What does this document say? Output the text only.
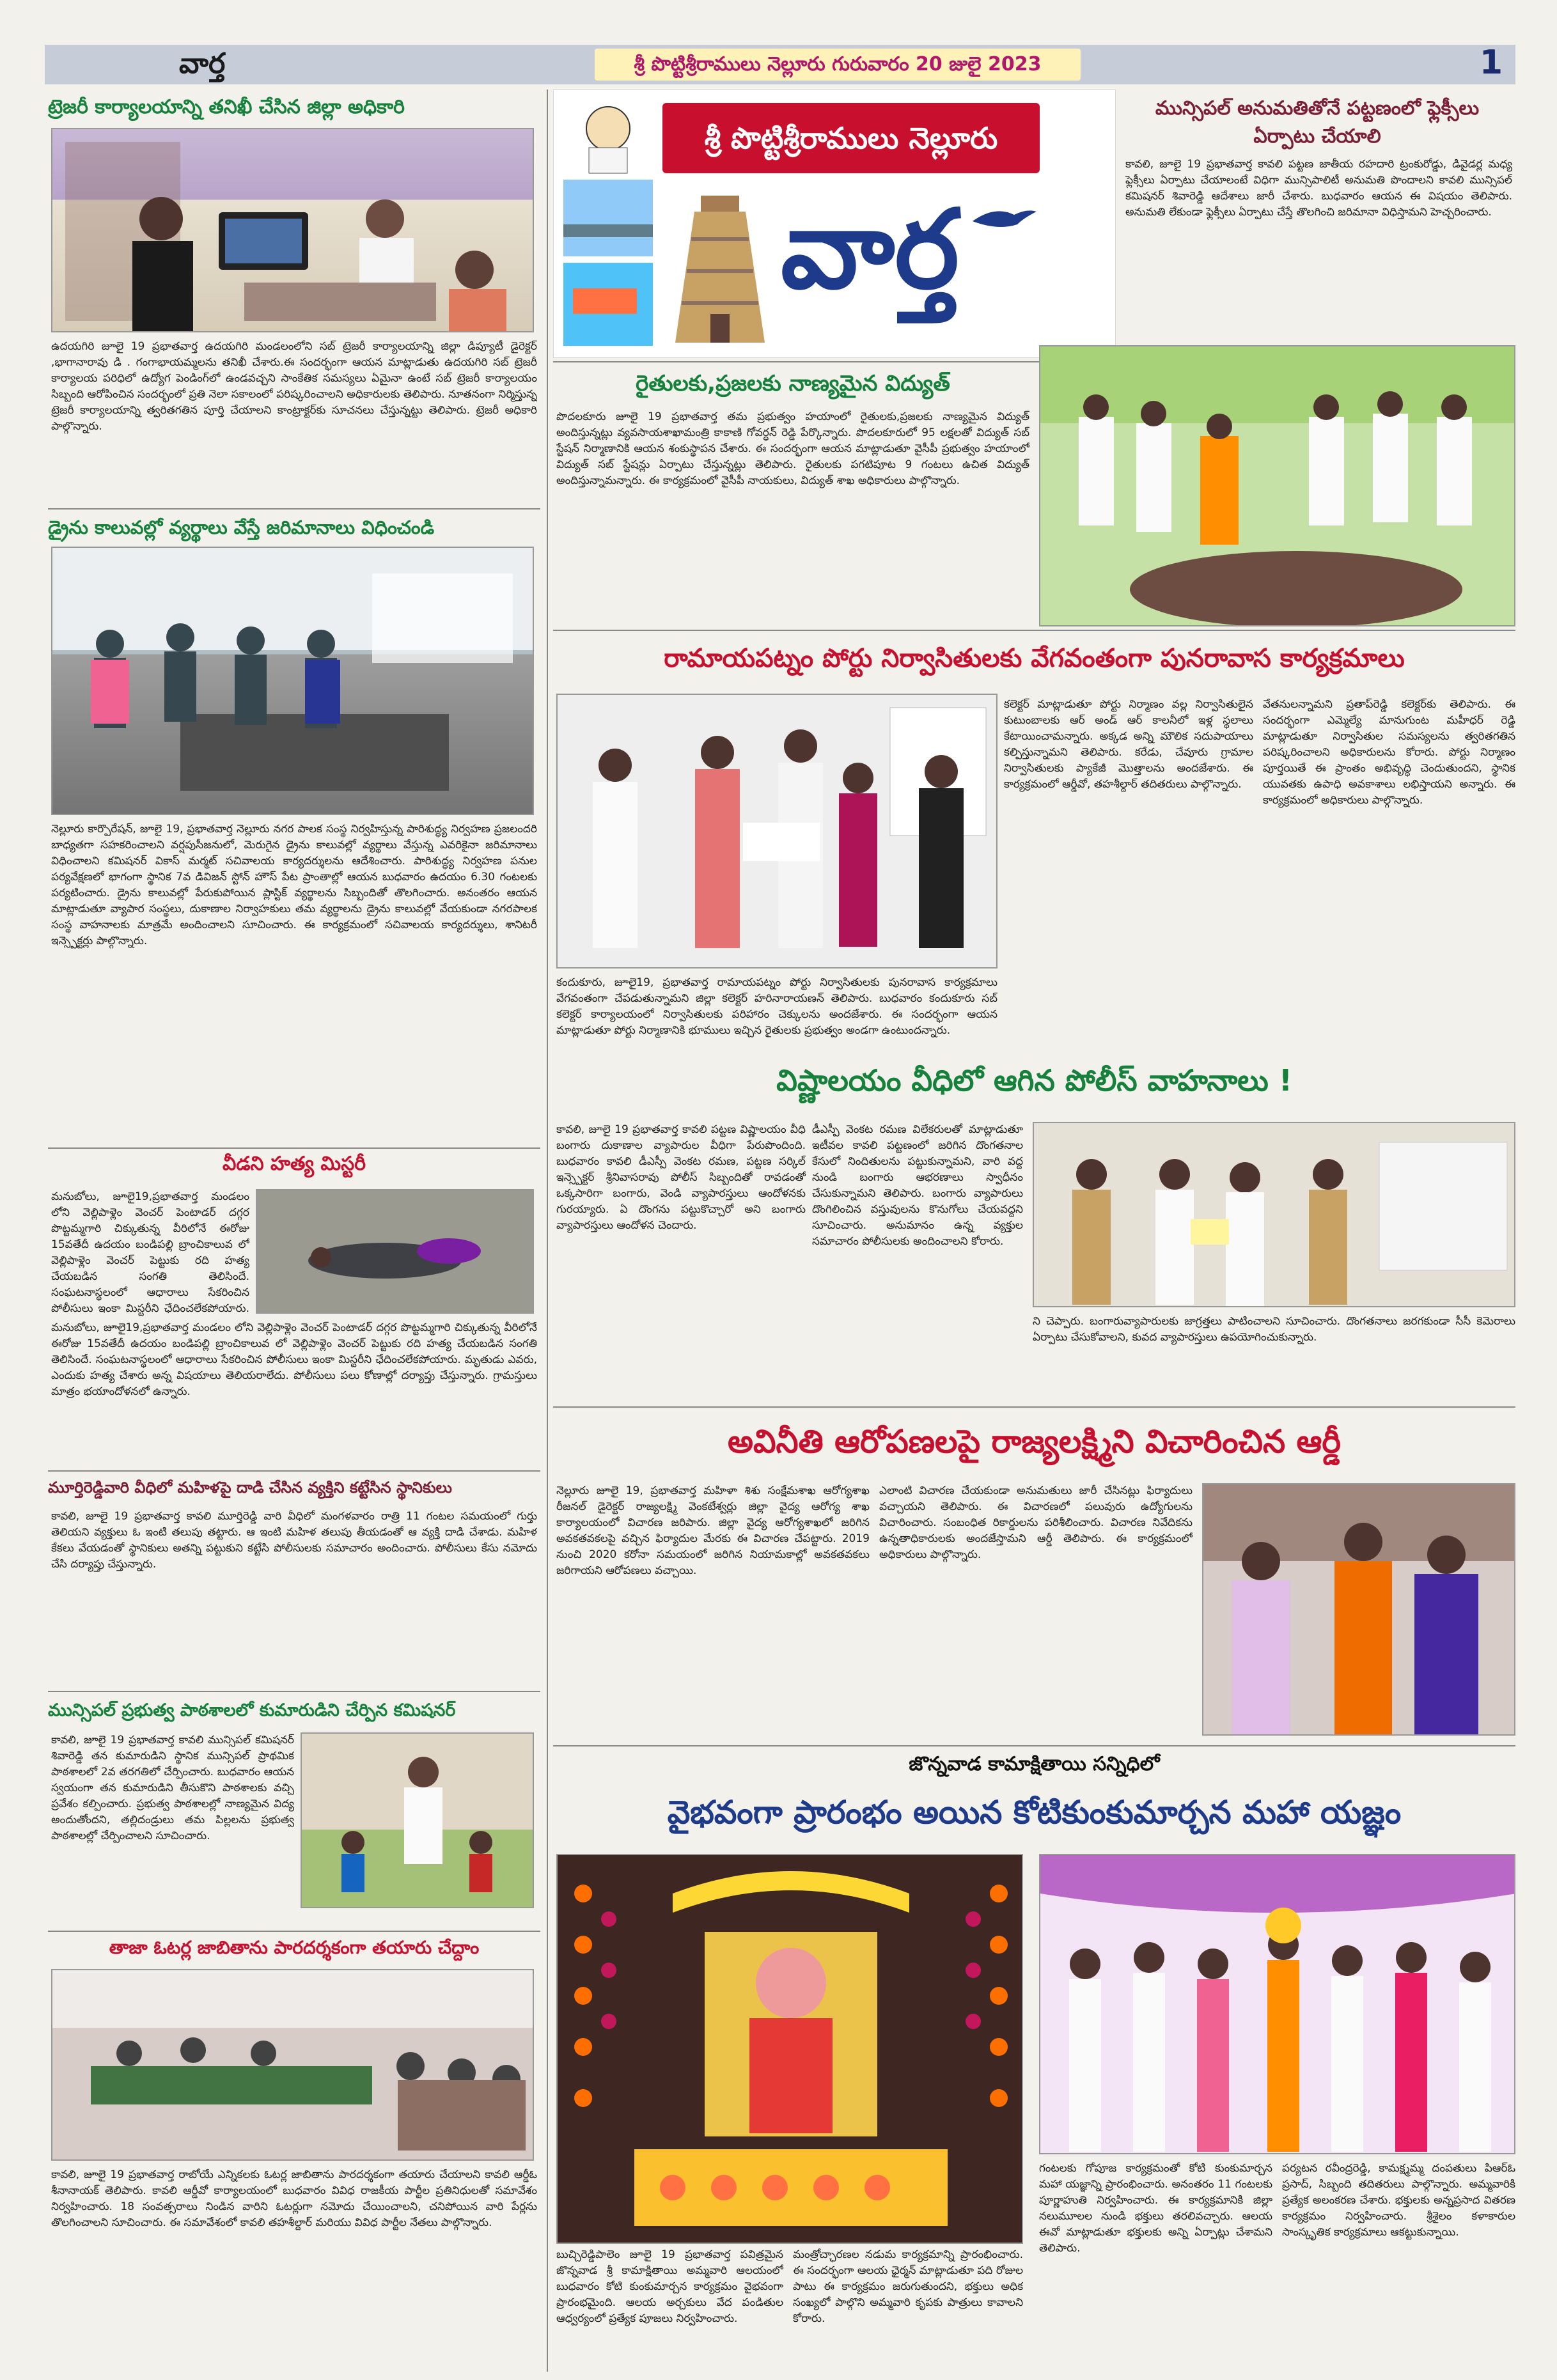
వార్త	శ్రీ పొట్టిశ్రీరాములు నెల్లూరు గురువారం 20 జులై 2023	1
ట్రెజరీ కార్యాలయాన్ని తనిఖీ చేసిన జిల్లా అధికారి
ఉదయగిరి జూలై 19 ప్రభాతవార్త ఉదయగిరి మండలంలోని సబ్ ట్రెజరీ కార్యాలయాన్ని జిల్లా డిప్యూటీ డైరెక్టర్ ,భాగానారావు డి . గంగాభాయమ్మలను తనిఖీ చేశారు.ఈ సందర్భంగా ఆయన మాట్లాడుతు ఉదయగిరి సబ్ ట్రెజరీ కార్యాలయ పరిధిలో ఉద్యోగ పెండింగ్‌లో ఉండవచ్చని సాంకేతిక సమస్యలు ఏమైనా ఉంటే సబ్ ట్రెజరీ కార్యాలయం సిబ్బంది ఆరోపించిన సందర్భంలో ప్రతి నెలా సకాలంలో పరిష్కరించాలని అధికారులకు తెలిపారు. నూతనంగా నిర్మిస్తున్న ట్రెజరీ కార్యాలయాన్ని త్వరితగతిన పూర్తి చేయాలని కాంట్రాక్టర్‌కు సూచనలు చేస్తున్నట్టు తెలిపారు. ట్రెజరీ అధికారి పాల్గొన్నారు.
డ్రైను కాలువల్లో వ్యర్థాలు వేస్తే జరిమానాలు విధించండి
నెల్లూరు కార్పొరేషన్, జూలై 19, ప్రభాతవార్త నెల్లూరు నగర పాలక సంస్థ నిర్వహిస్తున్న పారిశుద్ధ్య నిర్వహణ ప్రజలందరి బాధ్యతగా సహకరించాలని వర్షపుసీజనులో, మెరుగైన డ్రైను కాలువల్లో వ్యర్థాలు వేస్తున్న ఎవరికైనా జరిమానాలు విధించాలని కమిషనర్ వికాస్ మర్మట్ సచివాలయ కార్యదర్శులను ఆదేశించారు. పారిశుద్ధ్య నిర్వహణ పనుల పర్యవేక్షణలో భాగంగా స్థానిక 7వ డివిజన్ స్టోన్ హౌస్ పేట ప్రాంతాల్లో ఆయన బుధవారం ఉదయం 6.30 గంటలకు పర్యటించారు. డ్రైను కాలువల్లో పేరుకుపోయిన ప్లాస్టిక్ వ్యర్థాలను సిబ్బందితో తొలగించారు. అనంతరం ఆయన మాట్లాడుతూ వ్యాపార సంస్థలు, దుకాణాల నిర్వాహకులు తమ వ్యర్థాలను డ్రైను కాలువల్లో వేయకుండా నగరపాలక సంస్థ వాహనాలకు మాత్రమే అందించాలని సూచించారు. ఈ కార్యక్రమంలో సచివాలయ కార్యదర్శులు, శానిటరీ ఇన్స్పెక్టర్లు పాల్గొన్నారు.
వీడని హత్య మిస్టరీ
మనుబోలు, జూలై19,ప్రభాతవార్త మండలం లోని వెల్లిపాళ్లెం వెంచర్ పెంటాడర్ దగ్గర పొట్టమ్మగారి చిక్కుతున్న వీరిలోనే ఈరోజు 15వతేదీ ఉదయం బండిపల్లి బ్రాంచికాలువ లో వెల్లిపాళ్లెం వెంచర్ పెట్టుకు రది హత్య చేయబడిన సంగతి తెలిసిందే. సంఘటనాస్థలంలో ఆధారాలు సేకరించిన పోలీసులు ఇంకా మిస్టరీని ఛేదించలేకపోయారు.
మనుబోలు, జూలై19,ప్రభాతవార్త మండలం లోని వెల్లిపాళ్లెం వెంచర్ పెంటాడర్ దగ్గర పొట్టమ్మగారి చిక్కుతున్న వీరిలోనే ఈరోజు 15వతేదీ ఉదయం బండిపల్లి బ్రాంచికాలువ లో వెల్లిపాళ్లెం వెంచర్ పెట్టుకు రది హత్య చేయబడిన సంగతి తెలిసిందే. సంఘటనాస్థలంలో ఆధారాలు సేకరించిన పోలీసులు ఇంకా మిస్టరీని ఛేదించలేకపోయారు. మృతుడు ఎవరు, ఎందుకు హత్య చేశారు అన్న విషయాలు తెలియరాలేదు. పోలీసులు పలు కోణాల్లో దర్యాప్తు చేస్తున్నారు. గ్రామస్తులు మాత్రం భయాందోళనలో ఉన్నారు.
మూర్తిరెడ్డివారి వీధిలో మహిళపై దాడి చేసిన వ్యక్తిని కట్టేసిన స్థానికులు
కావలి, జూలై 19 ప్రభాతవార్త కావలి మూర్తిరెడ్డి వారి వీధిలో మంగళవారం రాత్రి 11 గంటల సమయంలో గుర్తు తెలియని వ్యక్తులు ఓ ఇంటి తలుపు తట్టారు. ఆ ఇంటి మహిళ తలుపు తీయడంతో ఆ వ్యక్తి దాడి చేశాడు. మహిళ కేకలు వేయడంతో స్థానికులు అతన్ని పట్టుకుని కట్టేసి పోలీసులకు సమాచారం అందించారు. పోలీసులు కేసు నమోదు చేసి దర్యాప్తు చేస్తున్నారు.
మున్సిపల్ ప్రభుత్వ పాఠశాలలో కుమారుడిని చేర్పిన కమిషనర్
కావలి, జూలై 19 ప్రభాతవార్త కావలి మున్సిపల్ కమిషనర్ శివారెడ్డి తన కుమారుడిని స్థానిక మున్సిపల్ ప్రాథమిక పాఠశాలలో 2వ తరగతిలో చేర్పించారు. బుధవారం ఆయన స్వయంగా తన కుమారుడిని తీసుకొని పాఠశాలకు వచ్చి ప్రవేశం కల్పించారు. ప్రభుత్వ పాఠశాలల్లో నాణ్యమైన విద్య అందుతోందని, తల్లిదండ్రులు తమ పిల్లలను ప్రభుత్వ పాఠశాలల్లో చేర్పించాలని సూచించారు.
తాజా ఓటర్ల జాబితాను పారదర్శకంగా తయారు చేద్దాం
కావలి, జూలై 19 ప్రభాతవార్త రాబోయే ఎన్నికలకు ఓటర్ల జాబితాను పారదర్శకంగా తయారు చేయాలని కావలి ఆర్డీఓ శీనానాయక్ తెలిపారు. కావలి ఆర్డీవో కార్యాలయంలో బుధవారం వివిధ రాజకీయ పార్టీల ప్రతినిధులతో సమావేశం నిర్వహించారు. 18 సంవత్సరాలు నిండిన వారిని ఓటర్లుగా నమోదు చేయించాలని, చనిపోయిన వారి పేర్లను తొలగించాలని సూచించారు. ఈ సమావేశంలో కావలి తహశీల్దార్ మరియు వివిధ పార్టీల నేతలు పాల్గొన్నారు.
శ్రీ పొట్టిశ్రీరాములు నెల్లూరు
వార్త
మున్సిపల్ అనుమతితోనే పట్టణంలో ఫ్లెక్సీలు ఏర్పాటు చేయాలి
కావలి, జూలై 19 ప్రభాతవార్త కావలి పట్టణ జాతీయ రహదారి ట్రంకురోడ్డు, డివైడర్ల మధ్య ఫ్లెక్సీలు ఏర్పాటు చేయాలంటే విధిగా మున్సిపాలిటీ అనుమతి పొందాలని కావలి మున్సిపల్ కమిషనర్ శివారెడ్డి ఆదేశాలు జారీ చేశారు. బుధవారం ఆయన ఈ విషయం తెలిపారు. అనుమతి లేకుండా ఫ్లెక్సీలు ఏర్పాటు చేస్తే తొలగించి జరిమానా విధిస్తామని హెచ్చరించారు.
రైతులకు,ప్రజలకు నాణ్యమైన విద్యుత్
పొదలకూరు జూలై 19 ప్రభాతవార్త తమ ప్రభుత్వం హయాంలో రైతులకు,ప్రజలకు నాణ్యమైన విద్యుత్ అందిస్తున్నట్లు వ్యవసాయశాఖామంత్రి కాకాణి గోవర్ధన్ రెడ్డి పేర్కొన్నారు. పొదలకూరులో 95 లక్షలతో విద్యుత్ సబ్ స్టేషన్ నిర్మాణానికి ఆయన శంకుస్థాపన చేశారు. ఈ సందర్భంగా ఆయన మాట్లాడుతూ వైసీపీ ప్రభుత్వం హయాంలో విద్యుత్ సబ్ స్టేషన్లు ఏర్పాటు చేస్తున్నట్లు తెలిపారు. రైతులకు పగటిపూట 9 గంటలు ఉచిత విద్యుత్ అందిస్తున్నామన్నారు. ఈ కార్యక్రమంలో వైసీపీ నాయకులు, విద్యుత్ శాఖ అధికారులు పాల్గొన్నారు.
రామాయపట్నం పోర్టు నిర్వాసితులకు వేగవంతంగా పునరావాస కార్యక్రమాలు
కందుకూరు, జూలై19, ప్రభాతవార్త రామాయపట్నం పోర్టు నిర్వాసితులకు పునరావాస కార్యక్రమాలు వేగవంతంగా చేపడుతున్నామని జిల్లా కలెక్టర్ హరినారాయణన్ తెలిపారు. బుధవారం కందుకూరు సబ్ కలెక్టర్ కార్యాలయంలో నిర్వాసితులకు పరిహారం చెక్కులను అందజేశారు. ఈ సందర్భంగా ఆయన మాట్లాడుతూ పోర్టు నిర్మాణానికి భూములు ఇచ్చిన రైతులకు ప్రభుత్వం అండగా ఉంటుందన్నారు.
కలెక్టర్ మాట్లాడుతూ పోర్టు నిర్మాణం వల్ల నిర్వాసితులైన కుటుంబాలకు ఆర్ అండ్ ఆర్ కాలనీలో ఇళ్ల స్థలాలు కేటాయించామన్నారు. అక్కడ అన్ని మౌలిక సదుపాయాలు కల్పిస్తున్నామని తెలిపారు. కరేడు, చేవూరు గ్రామాల నిర్వాసితులకు ప్యాకేజీ మొత్తాలను అందజేశారు. ఈ కార్యక్రమంలో ఆర్డీవో, తహశీల్దార్ తదితరులు పాల్గొన్నారు.
వేతనులన్నామని ప్రతాప్‌రెడ్డి కలెక్టర్‌కు తెలిపారు. ఈ సందర్భంగా ఎమ్మెల్యే మానుగుంట మహీధర్ రెడ్డి మాట్లాడుతూ నిర్వాసితుల సమస్యలను త్వరితగతిన పరిష్కరించాలని అధికారులను కోరారు. పోర్టు నిర్మాణం పూర్తయితే ఈ ప్రాంతం అభివృద్ధి చెందుతుందని, స్థానిక యువతకు ఉపాధి అవకాశాలు లభిస్తాయని అన్నారు. ఈ కార్యక్రమంలో అధికారులు పాల్గొన్నారు.
విష్ణాలయం వీధిలో ఆగిన పోలీస్ వాహనాలు !
కావలి, జూలై 19 ప్రభాతవార్త కావలి పట్టణ విష్ణాలయం వీధి బంగారు దుకాణాల వ్యాపారుల వీధిగా పేరుపొందింది. బుధవారం కావలి డీఎస్పీ వెంకట రమణ, పట్టణ సర్కిల్ ఇన్స్పెక్టర్ శ్రీనివాసరావు పోలీస్ సిబ్బందితో రావడంతో ఒక్కసారిగా బంగారు, వెండి వ్యాపారస్తులు ఆందోళనకు గురయ్యారు. ఏ దొంగను పట్టుకొచ్చారో అని బంగారు వ్యాపారస్తులు ఆందోళన చెందారు.
డీఎస్పీ వెంకట రమణ విలేకరులతో మాట్లాడుతూ ఇటీవల కావలి పట్టణంలో జరిగిన దొంగతనాల కేసులో నిందితులను పట్టుకున్నామని, వారి వద్ద నుండి బంగారు ఆభరణాలు స్వాధీనం చేసుకున్నామని తెలిపారు. బంగారు వ్యాపారులు దొంగిలించిన వస్తువులను కొనుగోలు చేయవద్దని సూచించారు. అనుమానం ఉన్న వ్యక్తుల సమాచారం పోలీసులకు అందించాలని కోరారు.
ని చెప్పారు. బంగారువ్యాపారులకు జాగ్రత్తలు పాటించాలని సూచించారు. దొంగతనాలు జరగకుండా సీసీ కెమెరాలు ఏర్పాటు చేసుకోవాలని, కువద వ్యాపారస్తులు ఉపయోగించుకున్నారు.
అవినీతి ఆరోపణలపై రాజ్యలక్ష్మిని విచారించిన ఆర్డీ
నెల్లూరు జూలై 19, ప్రభాతవార్త మహిళా శిశు సంక్షేమశాఖ ఆరోగ్యశాఖ రీజనల్ డైరెక్టర్ రాజ్యలక్ష్మి వెంకటేశ్వర్లు జిల్లా వైద్య ఆరోగ్య శాఖ కార్యాలయంలో విచారణ జరిపారు. జిల్లా వైద్య ఆరోగ్యశాఖలో జరిగిన అవకతవకలపై వచ్చిన ఫిర్యాదుల మేరకు ఈ విచారణ చేపట్టారు. 2019 నుంచి 2020 కరోనా సమయంలో జరిగిన నియామకాల్లో అవకతవకలు జరిగాయని ఆరోపణలు వచ్చాయి.
ఎలాంటి విచారణ చేయకుండా అనుమతులు జారీ చేసినట్లు ఫిర్యాదులు వచ్చాయని తెలిపారు. ఈ విచారణలో పలువురు ఉద్యోగులను విచారించారు. సంబంధిత రికార్డులను పరిశీలించారు. విచారణ నివేదికను ఉన్నతాధికారులకు అందజేస్తామని ఆర్డీ తెలిపారు. ఈ కార్యక్రమంలో అధికారులు పాల్గొన్నారు.
జొన్నవాడ కామాక్షితాయి సన్నిధిలో
వైభవంగా ప్రారంభం అయిన కోటికుంకుమార్చన మహా యజ్ఞం
బుచ్చిరెడ్డిపాలెం జూలై 19 ప్రభాతవార్త పవిత్రమైన జొన్నవాడ శ్రీ కామాక్షితాయి అమ్మవారి ఆలయంలో బుధవారం కోటి కుంకుమార్చన కార్యక్రమం వైభవంగా ప్రారంభమైంది. ఆలయ అర్చకులు వేద పండితుల ఆధ్వర్యంలో ప్రత్యేక పూజలు నిర్వహించారు.
మంత్రోచ్ఛారణల నడుమ కార్యక్రమాన్ని ప్రారంభించారు. ఈ సందర్భంగా ఆలయ ఛైర్మన్ మాట్లాడుతూ పది రోజుల పాటు ఈ కార్యక్రమం జరుగుతుందని, భక్తులు అధిక సంఖ్యలో పాల్గొని అమ్మవారి కృపకు పాత్రులు కావాలని కోరారు.
గంటలకు గోపూజ కార్యక్రమంతో కోటి కుంకుమార్చన మహా యజ్ఞాన్ని ప్రారంభించారు. అనంతరం 11 గంటలకు పూర్ణాహుతి నిర్వహించారు. ఈ కార్యక్రమానికి జిల్లా నలుమూలల నుండి భక్తులు తరలివచ్చారు. ఆలయ ఈవో మాట్లాడుతూ భక్తులకు అన్ని ఏర్పాట్లు చేశామని తెలిపారు.
పర్యటన రవీంద్రరెడ్డి, కామక్ష్మమ్మ దంపతులు పిఆర్ఓ ప్రసాద్, సిబ్బంది తదితరులు పాల్గొన్నారు. అమ్మవారికి ప్రత్యేక అలంకరణ చేశారు. భక్తులకు అన్నప్రసాద వితరణ కార్యక్రమం నిర్వహించారు. శ్రీశైలం కళాకారుల సాంస్కృతిక కార్యక్రమాలు ఆకట్టుకున్నాయి.
